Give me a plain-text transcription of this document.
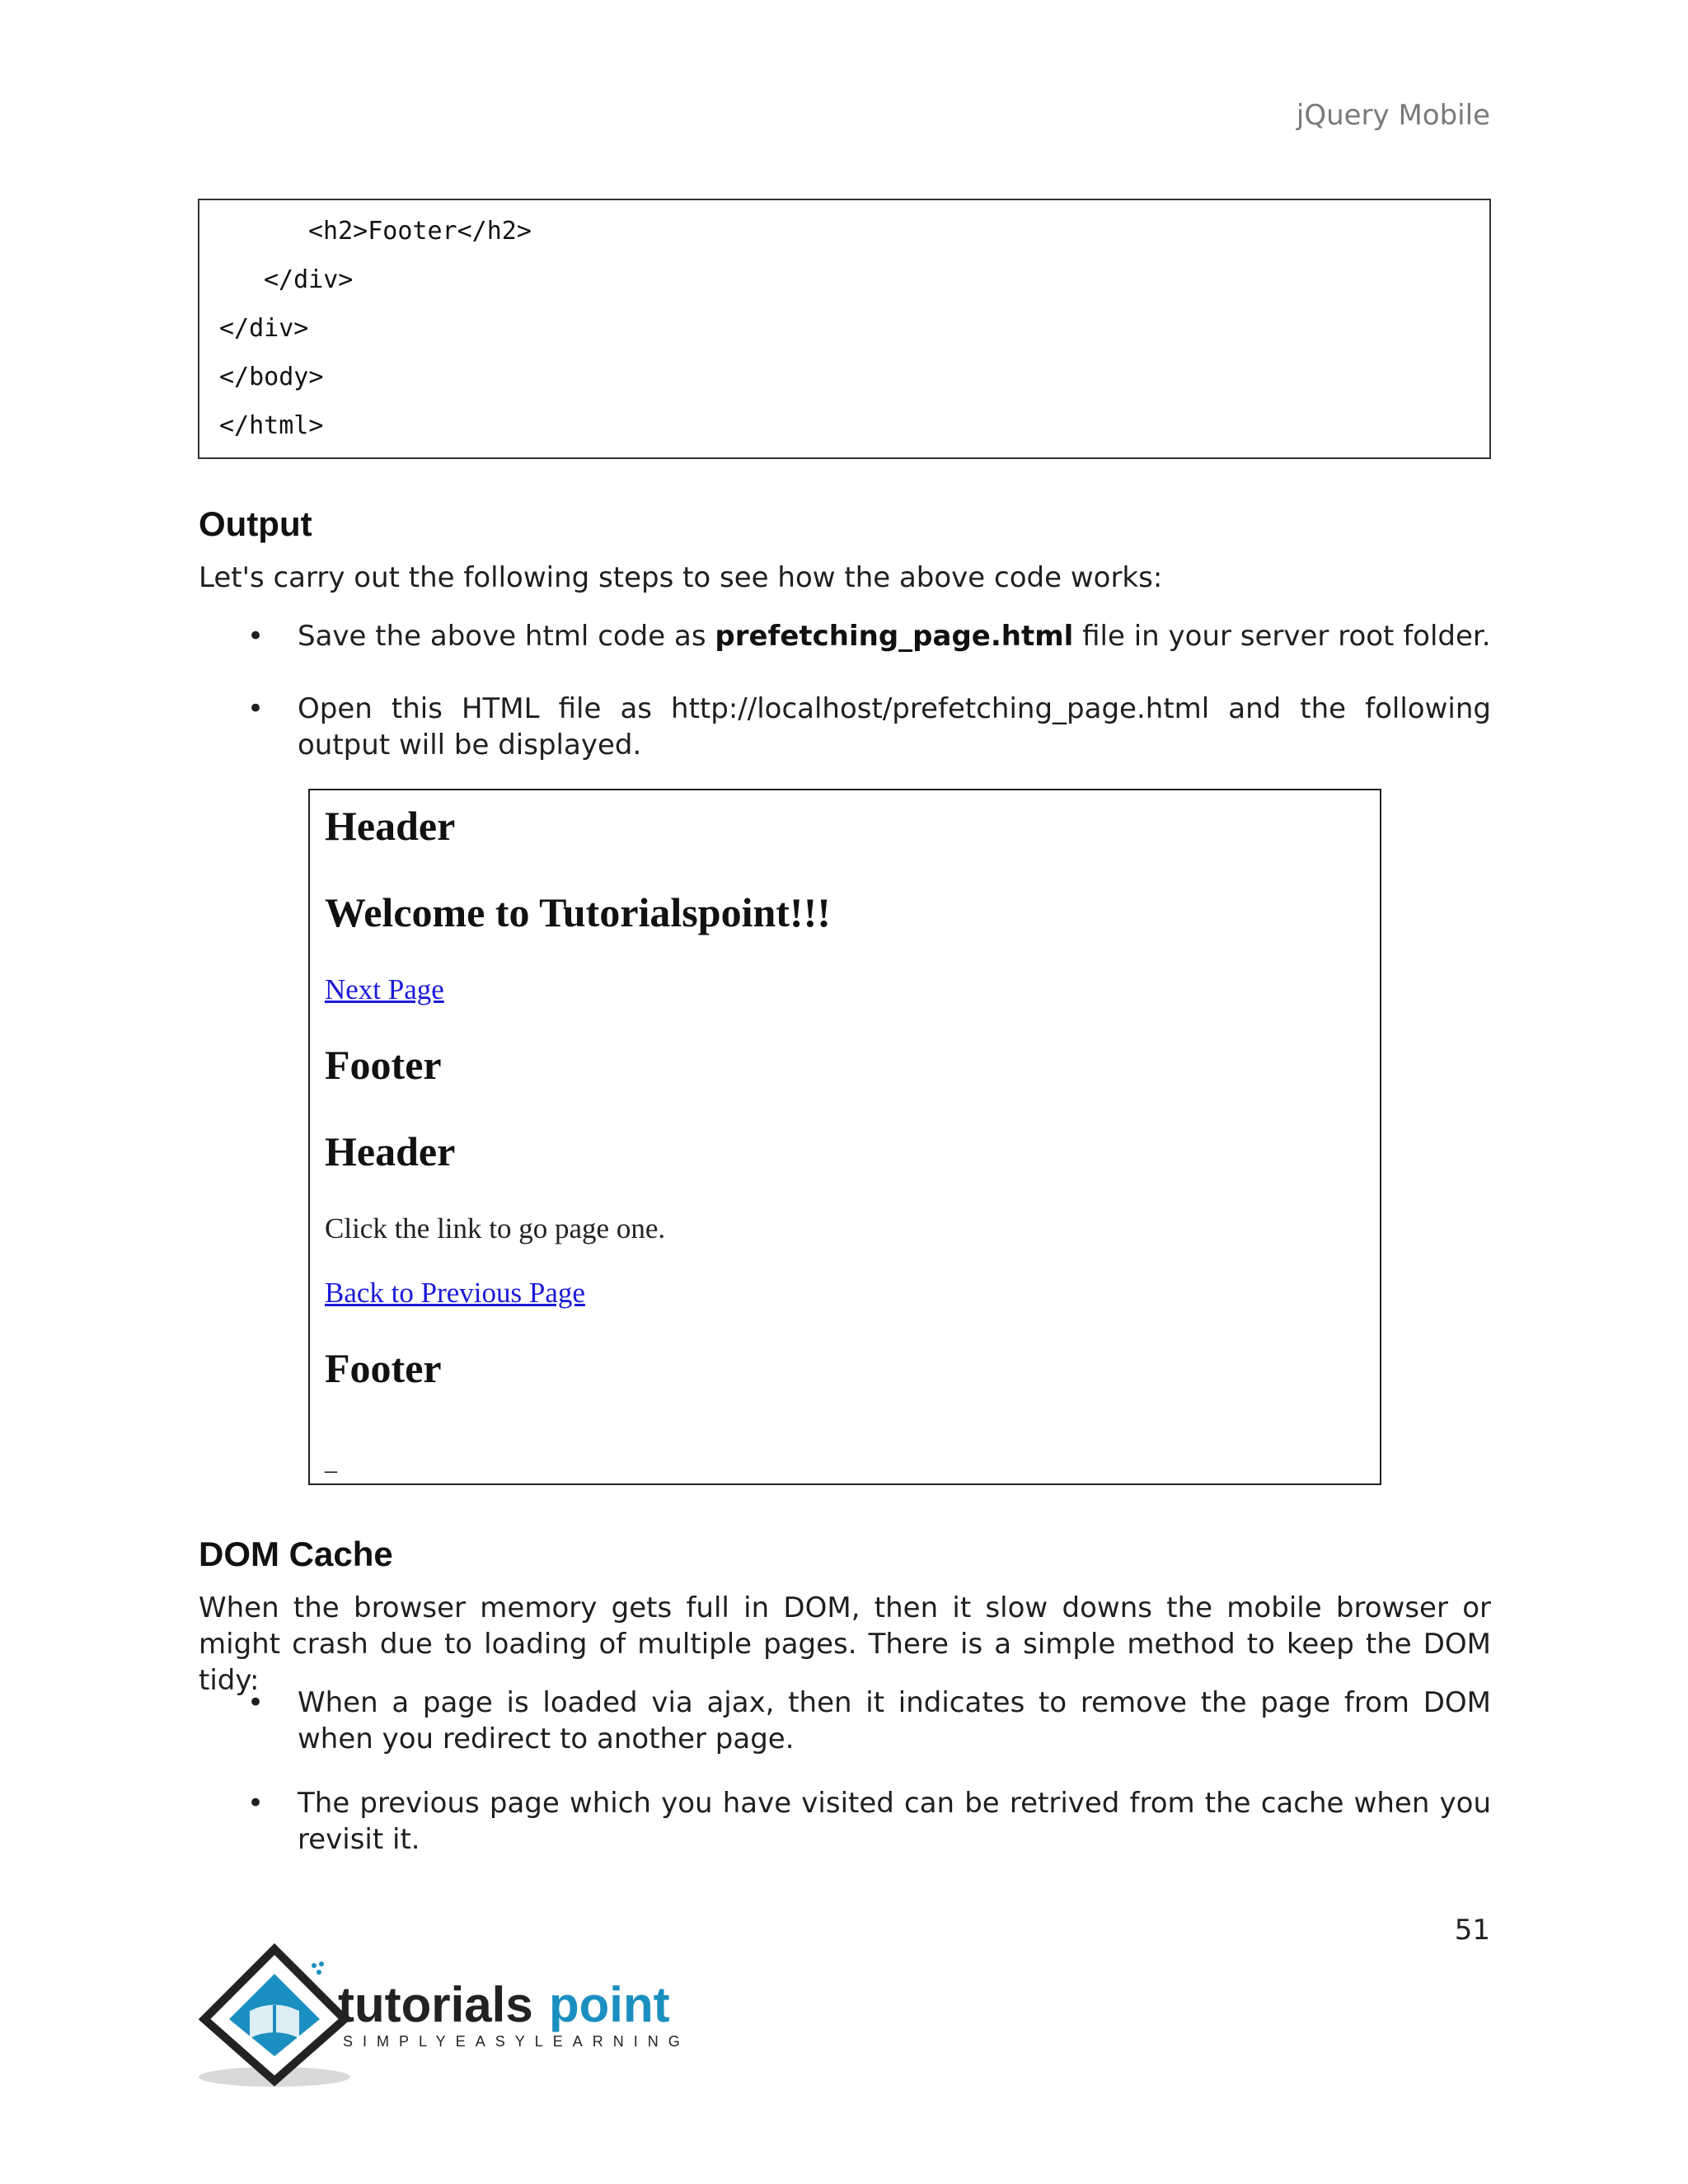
jQuery Mobile
<h2>Footer</h2>
</div>
</div>
</body>
</html>
Output
Let's carry out the following steps to see how the above code works:
• Save the above html code as prefetching_page.html file in your server root folder.
• Open this HTML file as http://localhost/prefetching_page.html and the following output will be displayed.
Header
Welcome to Tutorialspoint!!!
Next Page
Footer
Header
Click the link to go page one.
Back to Previous Page
Footer
_
DOM Cache
When the browser memory gets full in DOM, then it slow downs the mobile browser or might crash due to loading of multiple pages. There is a simple method to keep the DOM tidy:
• When a page is loaded via ajax, then it indicates to remove the page from DOM when you redirect to another page.
• The previous page which you have visited can be retrived from the cache when you revisit it.
51
tutorials point
SIMPLYEASYLEARNING
